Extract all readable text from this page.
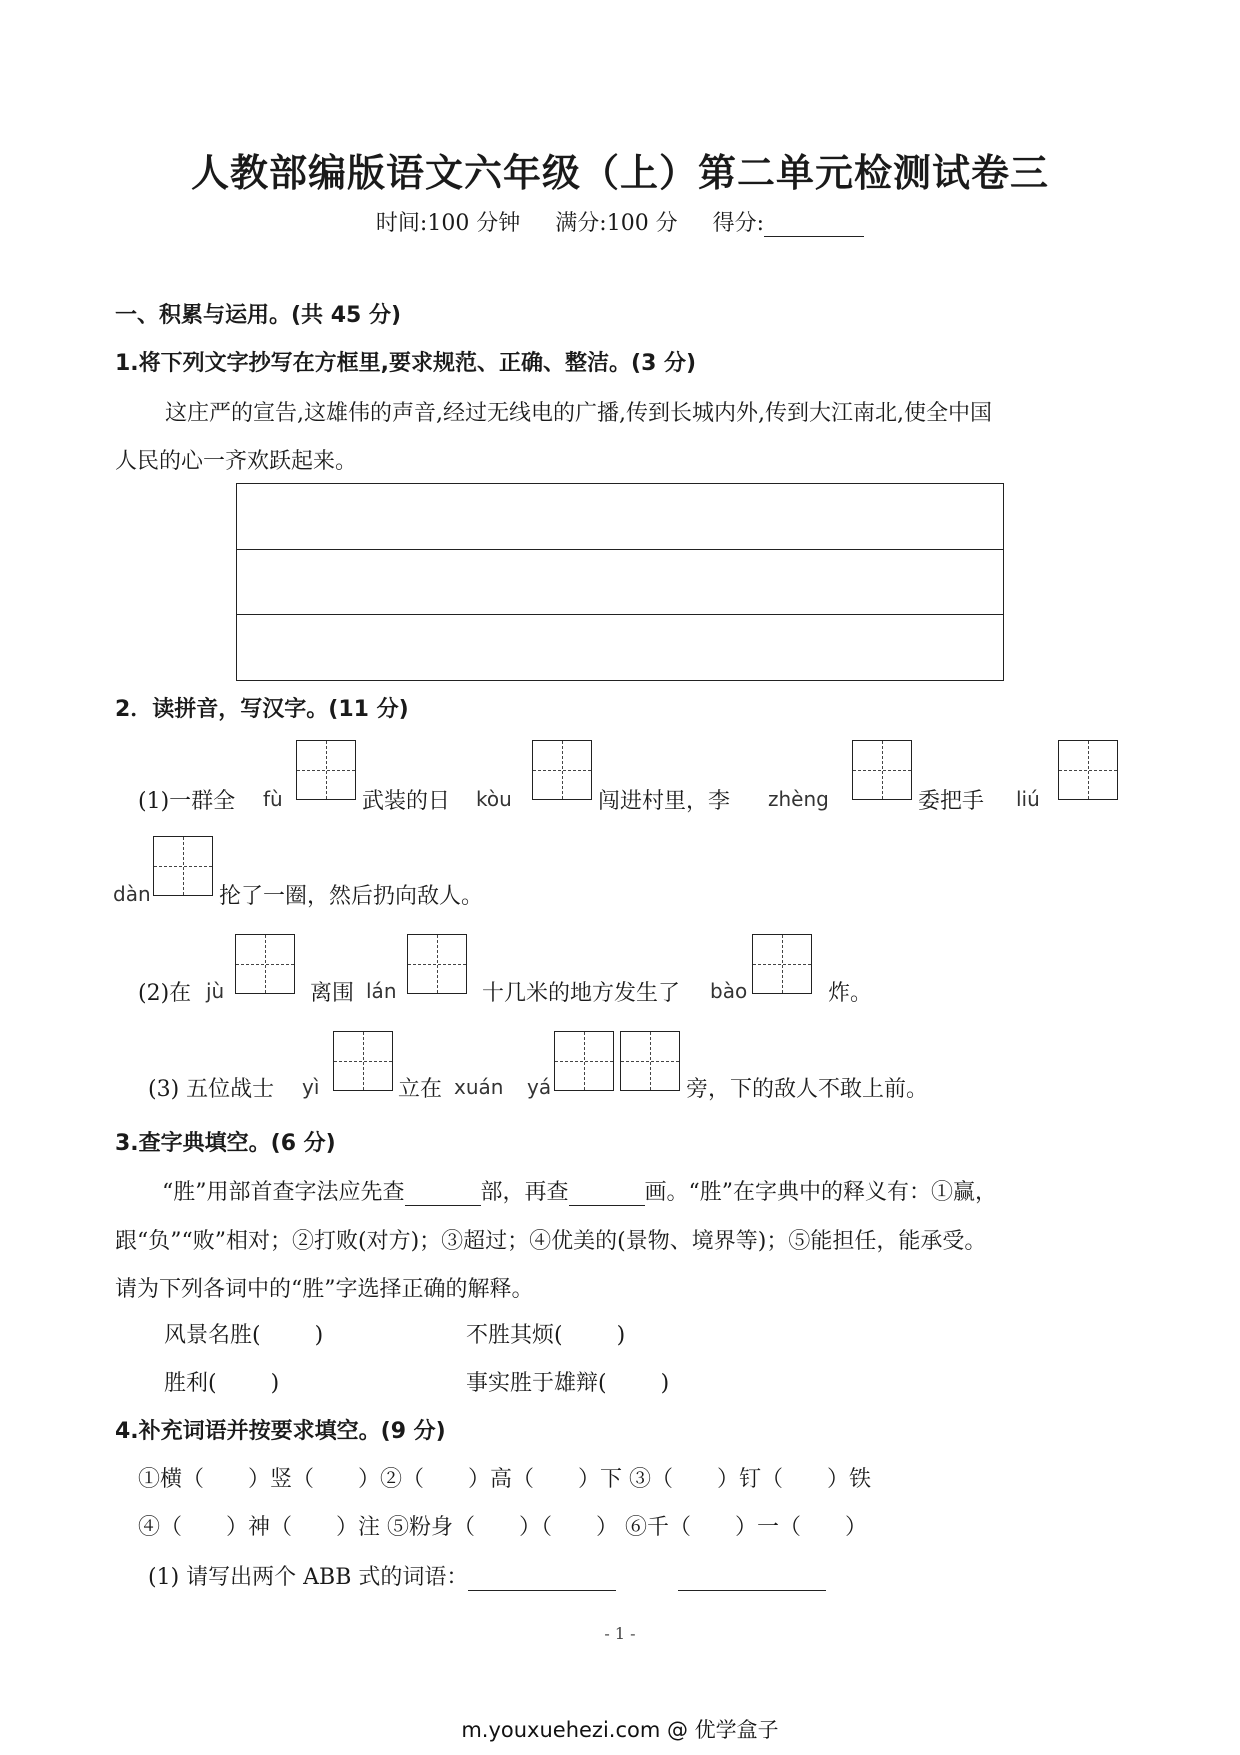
人教部编版语文六年级（上）第二单元检测试卷三
时间:100 分钟 满分:100 分 得分:
一、积累与运用。(共 45 分)
1.将下列文字抄写在方框里,要求规范、正确、整洁。(3 分)
这庄严的宣告,这雄伟的声音,经过无线电的广播,传到长城内外,传到大江南北,使全中国
人民的心一齐欢跃起来。
2．读拼音，写汉字。(11 分)
(1)一群全 fù	武装的日 kòu	闯进村里，李 zhèng	委把手 liú
dàn	抡了一圈，然后扔向敌人。
(2)在 jù	离围 lán	十几米的地方发生了 bào	炸。
(3) 五位战士 yì	立在 xuán yá	旁，下的敌人不敢上前。
3.查字典填空。(6 分)
“胜”用部首查字法应先查	部，再查	画。“胜”在字典中的释义有：①赢，
跟“负”“败”相对；②打败(对方)；③超过；④优美的(景物、境界等)；⑤能担任，能承受。
请为下列各词中的“胜”字选择正确的解释。
风景名胜( )	不胜其烦( )
胜利( )	事实胜于雄辩( )
4.补充词语并按要求填空。(9 分)
①横（　　）竖（　　）②（　　）高（　　）下 ③（　　）钉（　　）铁
④（　　）神（　　）注 ⑤粉身（　　）（　　） ⑥千（　　）一（　　）
(1) 请写出两个 ABB 式的词语：
- 1 -
m.youxuehezi.com @ 优学盒子
